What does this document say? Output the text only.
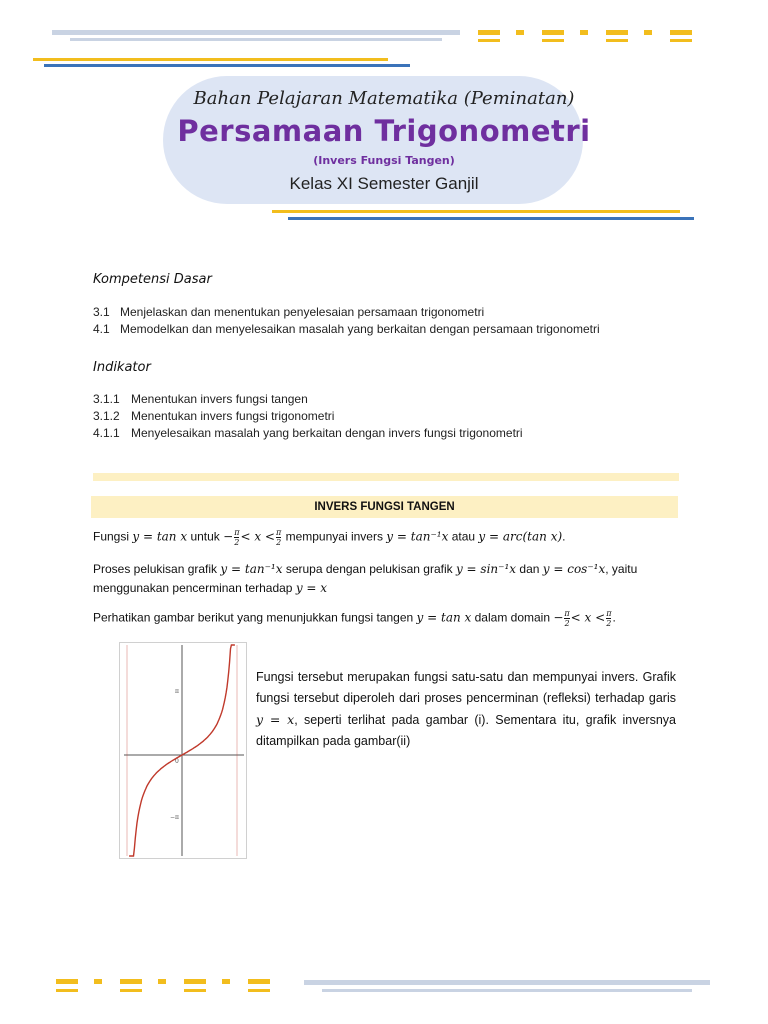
Bahan Pelajaran Matematika (Peminatan)
Persamaan Trigonometri
(Invers Fungsi Tangen)
Kelas XI Semester Ganjil
Kompetensi Dasar
3.1 Menjelaskan dan menentukan penyelesaian persamaan trigonometri
4.1 Memodelkan dan menyelesaikan masalah yang berkaitan dengan persamaan trigonometri
Indikator
3.1.1 Menentukan invers fungsi tangen
3.1.2 Menentukan invers fungsi trigonometri
4.1.1 Menyelesaikan masalah yang berkaitan dengan invers fungsi trigonometri
INVERS FUNGSI TANGEN
Fungsi y = tan x untuk − $\frac{\pi}{2} < x < \frac{\pi}{2}$ mempunyai invers y = tan⁻¹x atau y = arc(tan x).
Proses pelukisan grafik y = tan⁻¹x serupa dengan pelukisan grafik y = sin⁻¹x dan y = cos⁻¹x, yaitu
menggunakan pencerminan terhadap y = x
Perhatikan gambar berikut yang menunjukkan fungsi tangen y = tan x dalam domain − $\frac{\pi}{2} < x < \frac{\pi}{2}$ .
π
−π
0
Fungsi tersebut merupakan fungsi satu-satu dan mempunyai invers. Grafik fungsi tersebut diperoleh dari proses pencerminan (refleksi) terhadap garis y = x, seperti terlihat pada gambar (i). Sementara itu, grafik inversnya ditampilkan pada gambar(ii)
